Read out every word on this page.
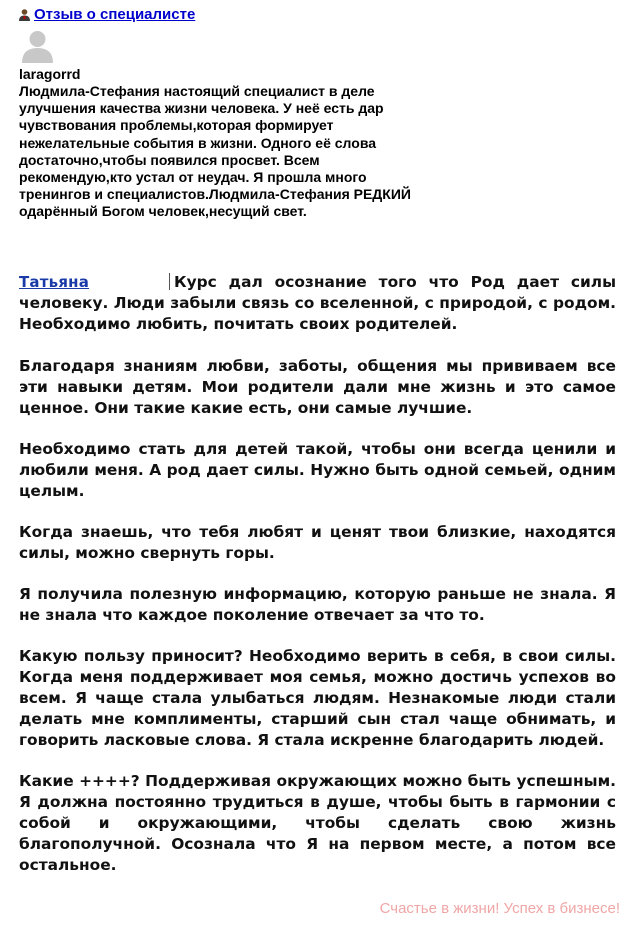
Отзыв о специалисте
laragorrd
Людмила-Стефания настоящий специалист в деле
улучшения качества жизни человека. У неё есть дар
чувствования проблемы,которая формирует
нежелательные события в жизни. Одного её слова
достаточно,чтобы появился просвет. Всем
рекомендую,кто устал от неудач. Я прошла много
тренингов и специалистов.Людмила-Стефания РЕДКИЙ
одарённый Богом человек,несущий свет.

Татьяна	Курс дал осознание того что Род дает силы человеку. Люди забыли связь со вселенной, с природой, с родом. Необходимо любить, почитать своих родителей.

Благодаря знаниям любви, заботы, общения мы прививаем все эти навыки детям. Мои родители дали мне жизнь и это самое ценное. Они такие какие есть, они самые лучшие.

Необходимо стать для детей такой, чтобы они всегда ценили и любили меня. А род дает силы. Нужно быть одной семьей, одним целым.

Когда знаешь, что тебя любят и ценят твои близкие, находятся силы, можно свернуть горы.

Я получила полезную информацию, которую раньше не знала. Я не знала что каждое поколение отвечает за что то.

Какую пользу приносит? Необходимо верить в себя, в свои силы. Когда меня поддерживает моя семья, можно достичь успехов во всем. Я чаще стала улыбаться людям. Незнакомые люди стали делать мне комплименты, старший сын стал чаще обнимать, и говорить ласковые слова. Я стала искренне благодарить людей.

Какие ++++? Поддерживая окружающих можно быть успешным. Я должна постоянно трудиться в душе, чтобы быть в гармонии с собой и окружающими, чтобы сделать свою жизнь благополучной. Осознала что Я на первом месте, а потом все остальное.

Счастье в жизни! Успех в бизнесе!
